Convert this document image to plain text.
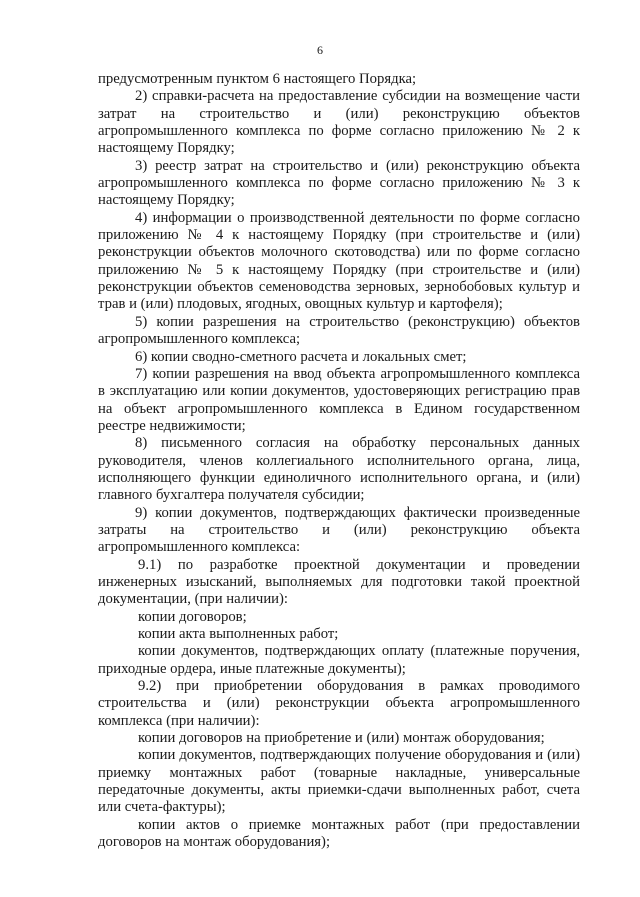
6

предусмотренным пунктом 6 настоящего Порядка;

2) справки-расчета на предоставление субсидии на возмещение части затрат на строительство и (или) реконструкцию объектов агропромышленного комплекса по форме согласно приложению № 2 к настоящему Порядку;

3) реестр затрат на строительство и (или) реконструкцию объекта агропромышленного комплекса по форме согласно приложению № 3 к настоящему Порядку;

4) информации о производственной деятельности по форме согласно приложению № 4 к настоящему Порядку (при строительстве и (или) реконструкции объектов молочного скотоводства) или по форме согласно приложению № 5 к настоящему Порядку (при строительстве и (или) реконструкции объектов семеноводства зерновых, зернобобовых культур и трав и (или) плодовых, ягодных, овощных культур и картофеля);

5) копии разрешения на строительство (реконструкцию) объектов агропромышленного комплекса;

6) копии сводно-сметного расчета и локальных смет;

7) копии разрешения на ввод объекта агропромышленного комплекса в эксплуатацию или копии документов, удостоверяющих регистрацию прав на объект агропромышленного комплекса в Едином государственном реестре недвижимости;

8) письменного согласия на обработку персональных данных руководителя, членов коллегиального исполнительного органа, лица, исполняющего функции единоличного исполнительного органа, и (или) главного бухгалтера получателя субсидии;

9) копии документов, подтверждающих фактически произведенные затраты на строительство и (или) реконструкцию объекта агропромышленного комплекса:

9.1) по разработке проектной документации и проведении инженерных изысканий, выполняемых для подготовки такой проектной документации, (при наличии):

копии договоров;

копии акта выполненных работ;

копии документов, подтверждающих оплату (платежные поручения, приходные ордера, иные платежные документы);

9.2) при приобретении оборудования в рамках проводимого строительства и (или) реконструкции объекта агропромышленного комплекса (при наличии):

копии договоров на приобретение и (или) монтаж оборудования;

копии документов, подтверждающих получение оборудования и (или) приемку монтажных работ (товарные накладные, универсальные передаточные документы, акты приемки-сдачи выполненных работ, счета или счета-фактуры);

копии актов о приемке монтажных работ (при предоставлении договоров на монтаж оборудования);
